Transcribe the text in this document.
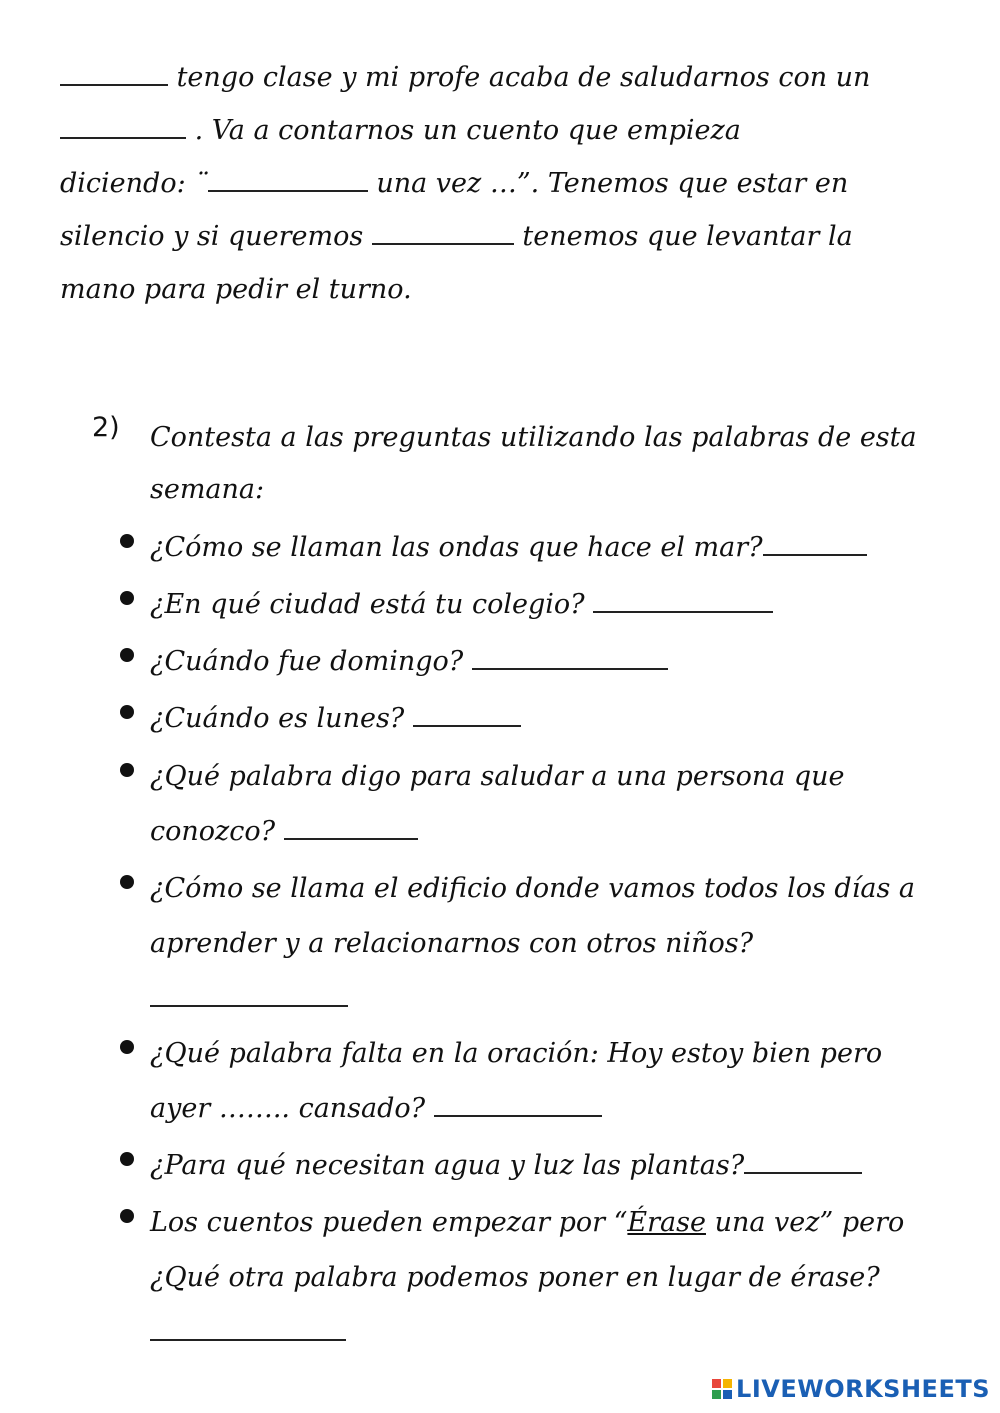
tengo clase y mi profe acaba de saludarnos con un
. Va a contarnos un cuento que empieza
diciendo: ¨	una vez …”. Tenemos que estar en
silencio y si queremos	tenemos que levantar la
mano para pedir el turno.
2) Contesta a las preguntas utilizando las palabras de esta semana:
¿Cómo se llaman las ondas que hace el mar?
¿En qué ciudad está tu colegio?
¿Cuándo fue domingo?
¿Cuándo es lunes?
¿Qué palabra digo para saludar a una persona que conozco?
¿Cómo se llama el edificio donde vamos todos los días a aprender y a relacionarnos con otros niños?

¿Qué palabra falta en la oración: Hoy estoy bien pero ayer …….. cansado?
¿Para qué necesitan agua y luz las plantas?
Los cuentos pueden empezar por “Érase una vez” pero ¿Qué otra palabra podemos poner en lugar de érase?
LIVEWORKSHEETS
